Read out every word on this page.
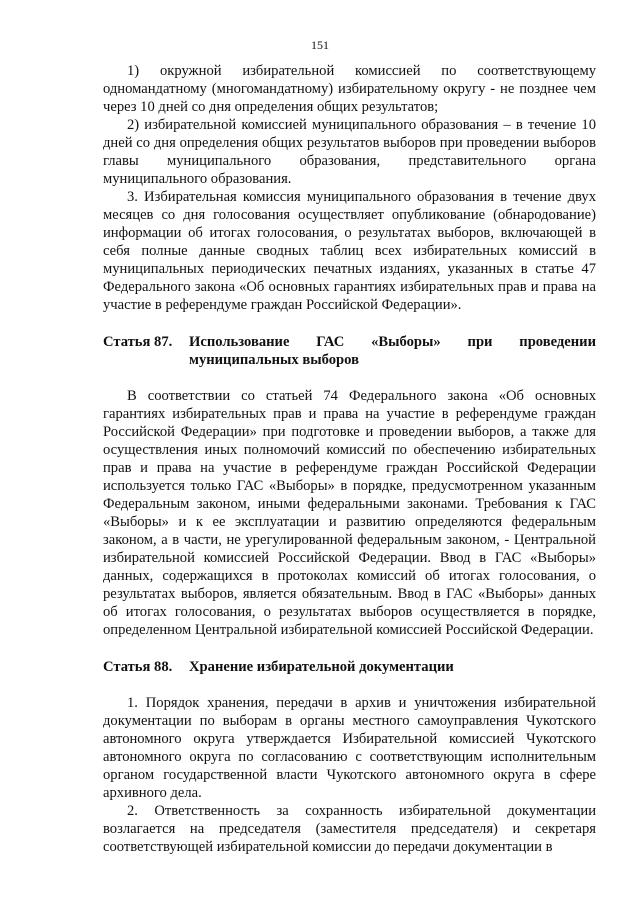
151

1) окружной избирательной комиссией по соответствующему одномандатному (многомандатному) избирательному округу - не позднее чем через 10 дней со дня определения общих результатов;

2) избирательной комиссией муниципального образования – в течение 10 дней со дня определения общих результатов выборов при проведении выборов главы муниципального образования, представительного органа муниципального образования.

3. Избирательная комиссия муниципального образования в течение двух месяцев со дня голосования осуществляет опубликование (обнародование) информации об итогах голосования, о результатах выборов, включающей в себя полные данные сводных таблиц всех избирательных комиссий в муниципальных периодических печатных изданиях, указанных в статье 47 Федерального закона «Об основных гарантиях избирательных прав и права на участие в референдуме граждан Российской Федерации».

Статья 87.	Использование ГАС «Выборы» при проведении муниципальных выборов

В соответствии со статьей 74 Федерального закона «Об основных гарантиях избирательных прав и права на участие в референдуме граждан Российской Федерации» при подготовке и проведении выборов, а также для осуществления иных полномочий комиссий по обеспечению избирательных прав и права на участие в референдуме граждан Российской Федерации используется только ГАС «Выборы» в порядке, предусмотренном указанным Федеральным законом, иными федеральными законами. Требования к ГАС «Выборы» и к ее эксплуатации и развитию определяются федеральным законом, а в части, не урегулированной федеральным законом, - Центральной избирательной комиссией Российской Федерации. Ввод в ГАС «Выборы» данных, содержащихся в протоколах комиссий об итогах голосования, о результатах выборов, является обязательным. Ввод в ГАС «Выборы» данных об итогах голосования, о результатах выборов осуществляется в порядке, определенном Центральной избирательной комиссией Российской Федерации.

Статья 88.	Хранение избирательной документации

1. Порядок хранения, передачи в архив и уничтожения избирательной документации по выборам в органы местного самоуправления Чукотского автономного округа утверждается Избирательной комиссией Чукотского автономного округа по согласованию с соответствующим исполнительным органом государственной власти Чукотского автономного округа в сфере архивного дела.

2. Ответственность за сохранность избирательной документации возлагается на председателя (заместителя председателя) и секретаря соответствующей избирательной комиссии до передачи документации в
